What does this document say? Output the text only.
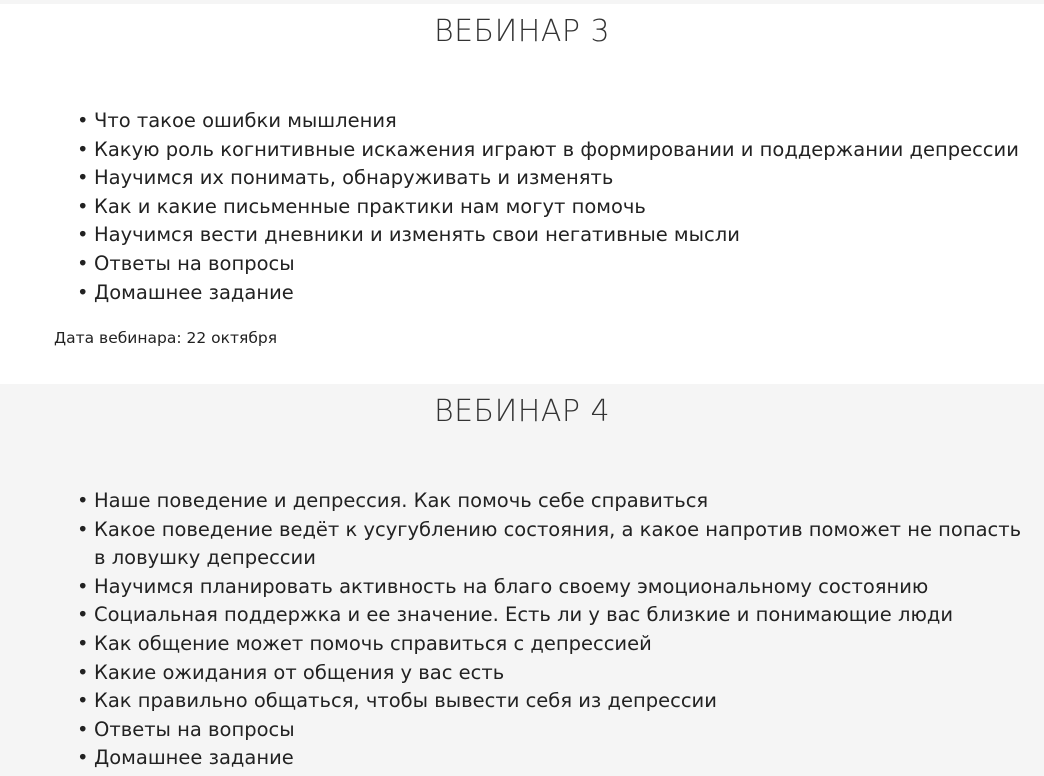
ВЕБИНАР 3
• Что такое ошибки мышления
• Какую роль когнитивные искажения играют в формировании и поддержании депрессии
• Научимся их понимать, обнаруживать и изменять
• Как и какие письменные практики нам могут помочь
• Научимся вести дневники и изменять свои негативные мысли
• Ответы на вопросы
• Домашнее задание

Дата вебинара: 22 октября

ВЕБИНАР 4
• Наше поведение и депрессия. Как помочь себе справиться
• Какое поведение ведёт к усугублению состояния, а какое напротив поможет не попасть в ловушку депрессии
• Научимся планировать активность на благо своему эмоциональному состоянию
• Социальная поддержка и ее значение. Есть ли у вас близкие и понимающие люди
• Как общение может помочь справиться с депрессией
• Какие ожидания от общения у вас есть
• Как правильно общаться, чтобы вывести себя из депрессии
• Ответы на вопросы
• Домашнее задание
